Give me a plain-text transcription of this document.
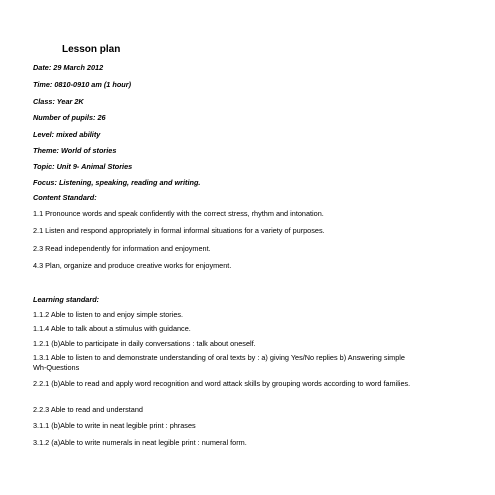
Lesson plan
Date: 29 March 2012
Time: 0810-0910 am (1 hour)
Class: Year 2K
Number of pupils: 26
Level: mixed ability
Theme: World of stories
Topic: Unit 9- Animal Stories
Focus: Listening, speaking, reading and writing.
Content Standard:
1.1 Pronounce words and speak confidently with the correct stress, rhythm and intonation.
2.1 Listen and respond appropriately in formal informal situations for a variety of purposes.
2.3 Read independently for information and enjoyment.
4.3 Plan, organize and produce creative works for enjoyment.
Learning standard:
1.1.2 Able to listen to and enjoy simple stories.
1.1.4 Able to talk about a stimulus with guidance.
1.2.1 (b)Able to participate in daily conversations : talk about oneself.
1.3.1 Able to listen to and demonstrate understanding of oral texts by : a) giving Yes/No replies b) Answering simple Wh-Questions
2.2.1 (b)Able to read and apply word recognition and word attack skills by grouping words according to word families.
2.2.3 Able to read and understand
3.1.1 (b)Able to write in neat legible print : phrases
3.1.2 (a)Able to write numerals in neat legible print : numeral form.
